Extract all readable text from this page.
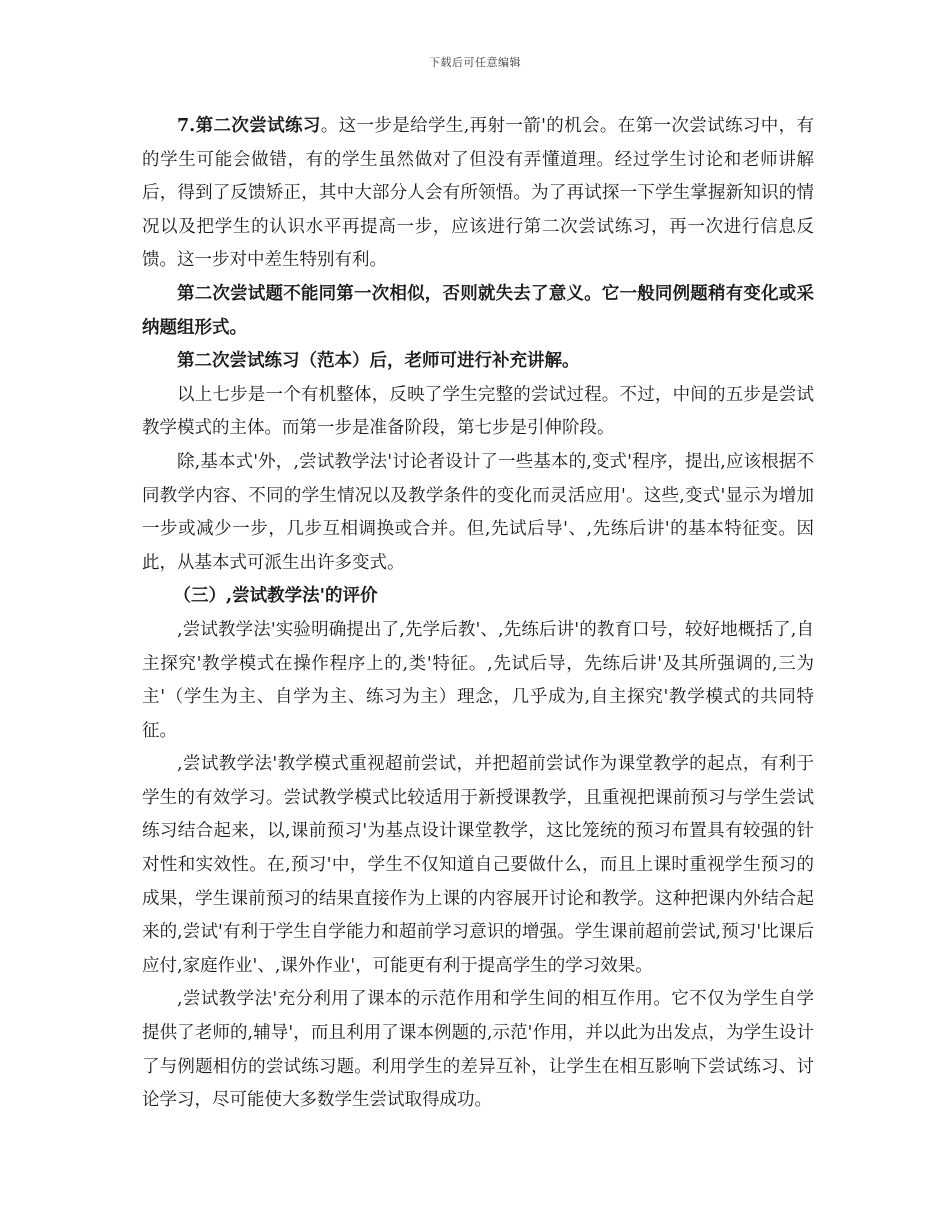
下载后可任意编辑

7.第二次尝试练习。这一步是给学生,再射一箭'的机会。在第一次尝试练习中，有的学生可能会做错，有的学生虽然做对了但没有弄懂道理。经过学生讨论和老师讲解后，得到了反馈矫正，其中大部分人会有所领悟。为了再试探一下学生掌握新知识的情况以及把学生的认识水平再提高一步，应该进行第二次尝试练习，再一次进行信息反馈。这一步对中差生特别有利。

第二次尝试题不能同第一次相似，否则就失去了意义。它一般同例题稍有变化或采纳题组形式。

第二次尝试练习（范本）后，老师可进行补充讲解。

以上七步是一个有机整体，反映了学生完整的尝试过程。不过，中间的五步是尝试教学模式的主体。而第一步是准备阶段，第七步是引伸阶段。

除,基本式'外，,尝试教学法'讨论者设计了一些基本的,变式'程序，提出,应该根据不同教学内容、不同的学生情况以及教学条件的变化而灵活应用'。这些,变式'显示为增加一步或减少一步，几步互相调换或合并。但,先试后导'、,先练后讲'的基本特征变。因此，从基本式可派生出许多变式。

（三）,尝试教学法'的评价

,尝试教学法'实验明确提出了,先学后教'、,先练后讲'的教育口号，较好地概括了,自主探究'教学模式在操作程序上的,类'特征。,先试后导，先练后讲'及其所强调的,三为主'（学生为主、自学为主、练习为主）理念，几乎成为,自主探究'教学模式的共同特征。

,尝试教学法'教学模式重视超前尝试，并把超前尝试作为课堂教学的起点，有利于学生的有效学习。尝试教学模式比较适用于新授课教学，且重视把课前预习与学生尝试练习结合起来，以,课前预习'为基点设计课堂教学，这比笼统的预习布置具有较强的针对性和实效性。在,预习'中，学生不仅知道自己要做什么，而且上课时重视学生预习的成果，学生课前预习的结果直接作为上课的内容展开讨论和教学。这种把课内外结合起来的,尝试'有利于学生自学能力和超前学习意识的增强。学生课前超前尝试,预习'比课后应付,家庭作业'、,课外作业'，可能更有利于提高学生的学习效果。

,尝试教学法'充分利用了课本的示范作用和学生间的相互作用。它不仅为学生自学提供了老师的,辅导'，而且利用了课本例题的,示范'作用，并以此为出发点，为学生设计了与例题相仿的尝试练习题。利用学生的差异互补，让学生在相互影响下尝试练习、讨论学习，尽可能使大多数学生尝试取得成功。
